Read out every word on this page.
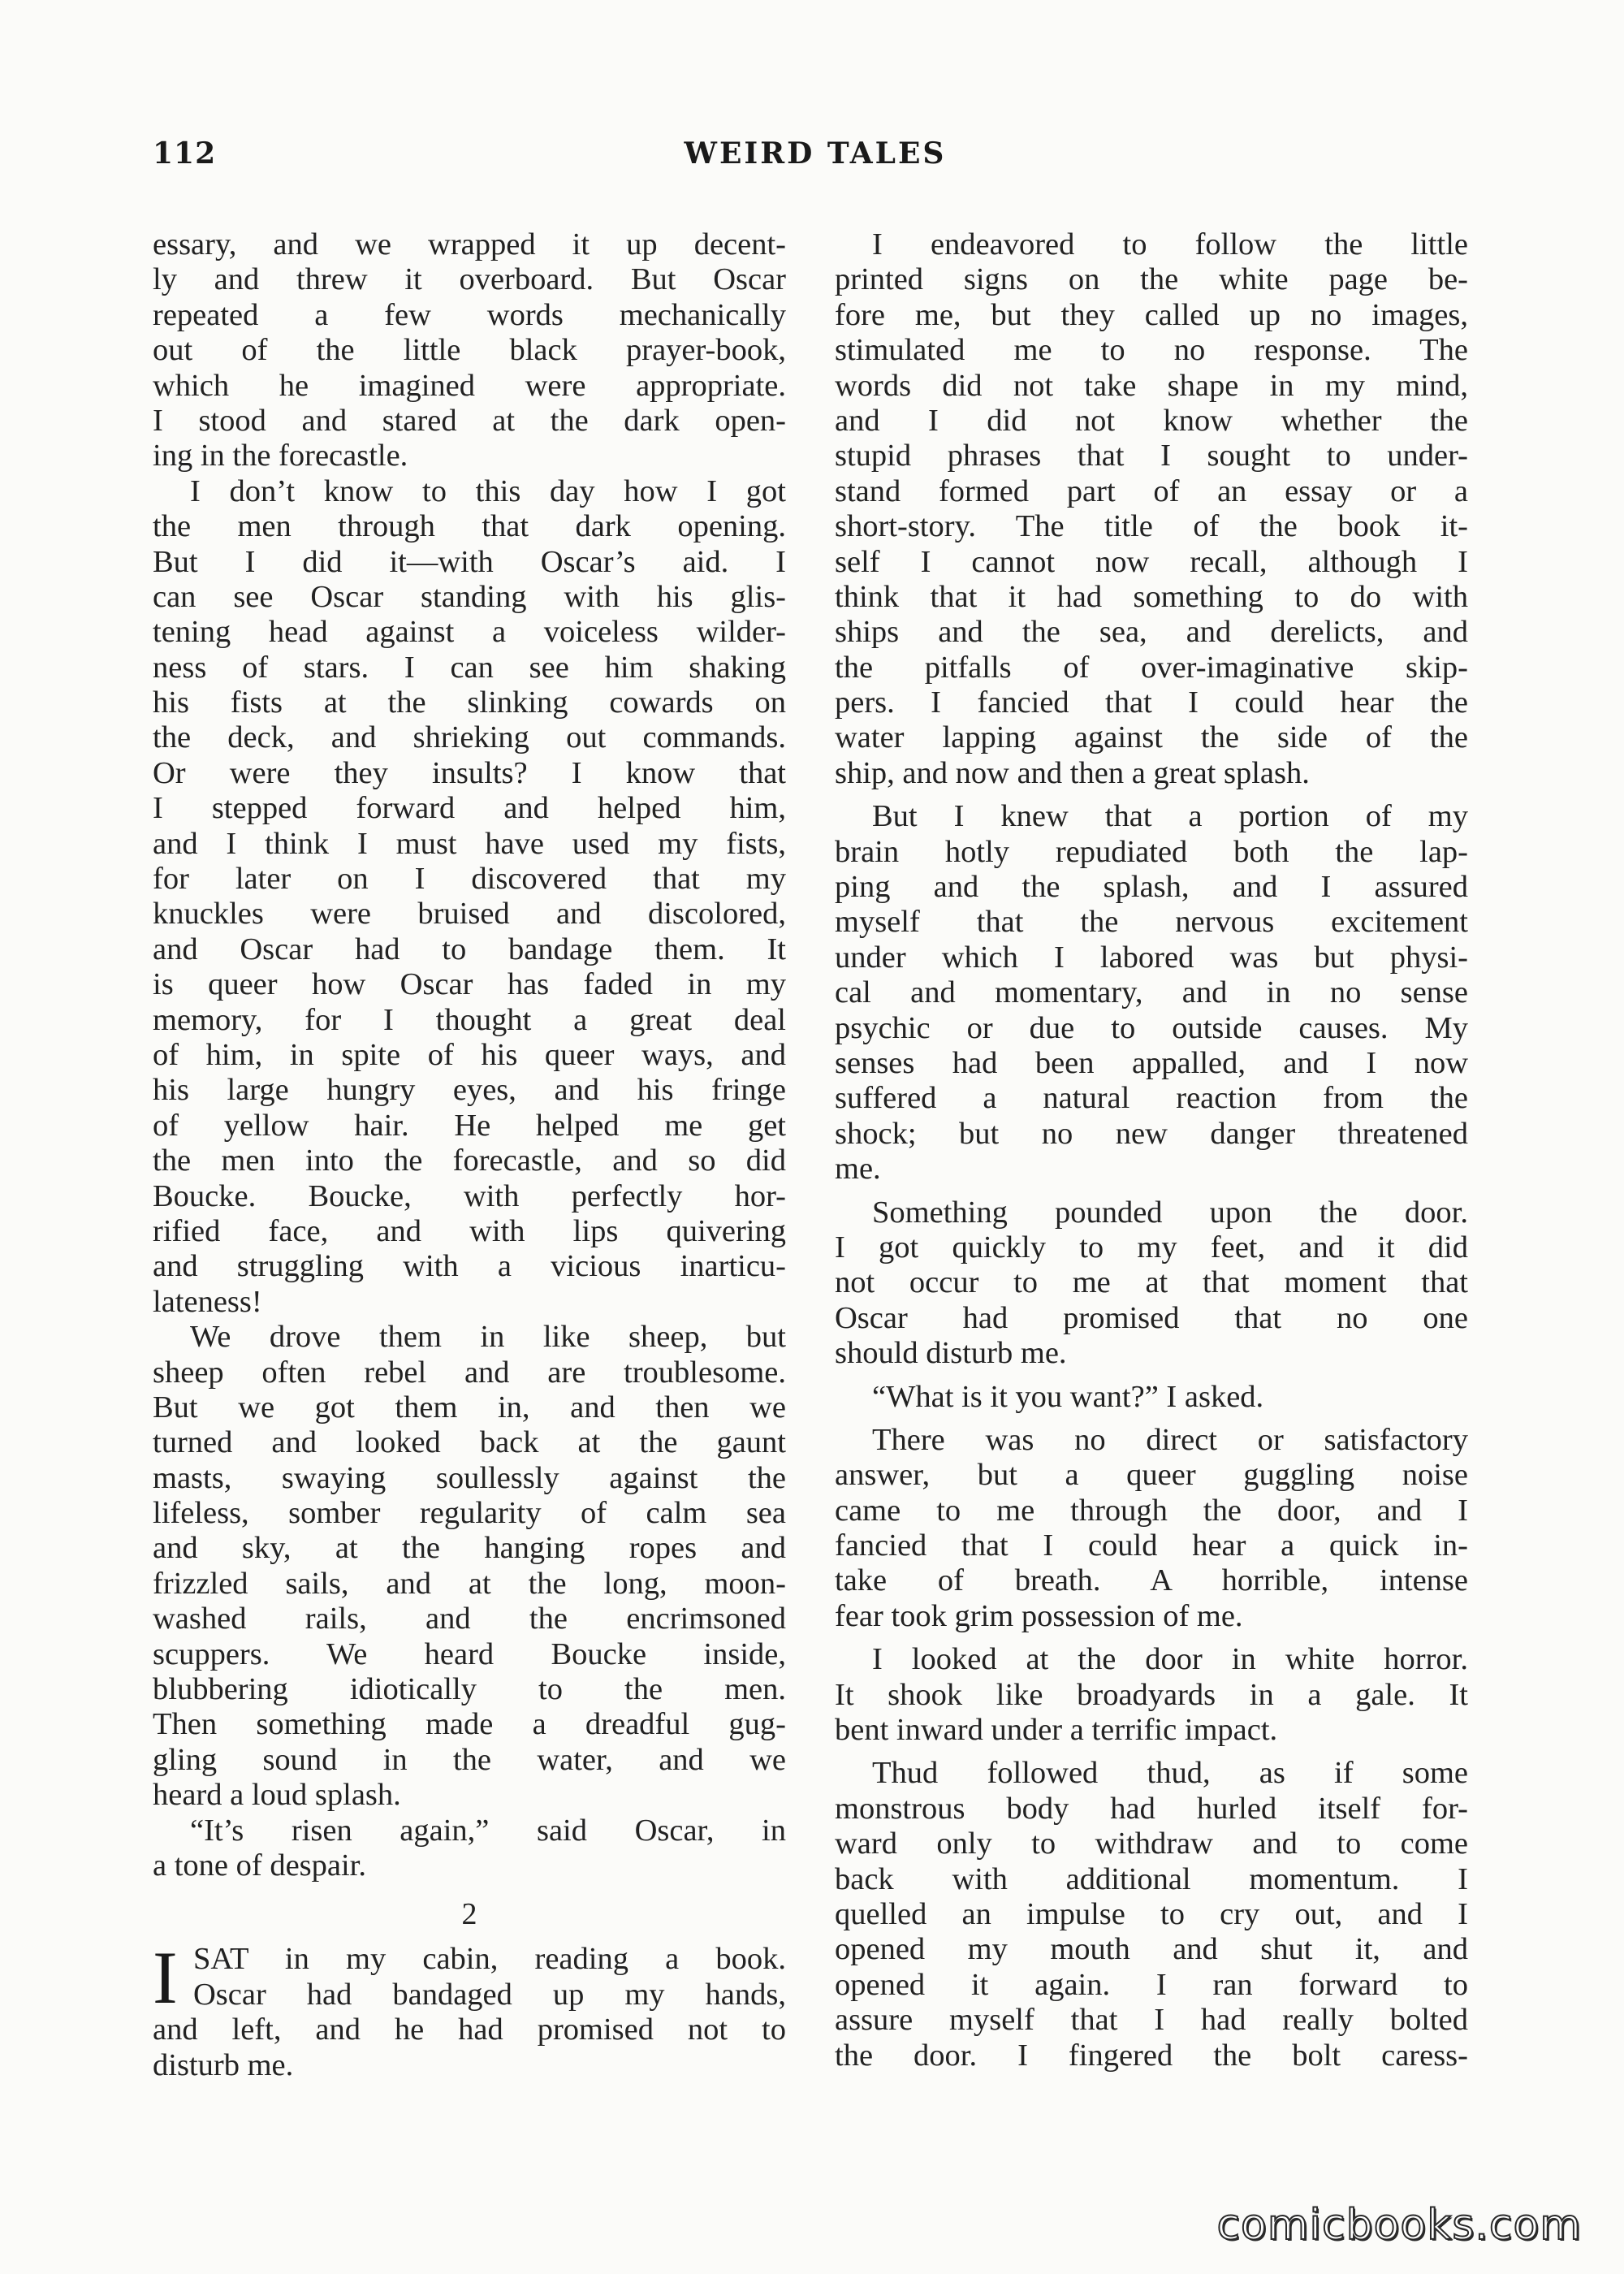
112	WEIRD TALES
essary, and we wrapped it up decent-
ly and threw it overboard. But Oscar
repeated a few words mechanically
out of the little black prayer-book,
which he imagined were appropriate.
I stood and stared at the dark open-
ing in the forecastle.
I don’t know to this day how I got
the men through that dark opening.
But I did it—with Oscar’s aid. I
can see Oscar standing with his glis-
tening head against a voiceless wilder-
ness of stars. I can see him shaking
his fists at the slinking cowards on
the deck, and shrieking out commands.
Or were they insults? I know that
I stepped forward and helped him,
and I think I must have used my fists,
for later on I discovered that my
knuckles were bruised and discolored,
and Oscar had to bandage them. It
is queer how Oscar has faded in my
memory, for I thought a great deal
of him, in spite of his queer ways, and
his large hungry eyes, and his fringe
of yellow hair. He helped me get
the men into the forecastle, and so did
Boucke. Boucke, with perfectly hor-
rified face, and with lips quivering
and struggling with a vicious inarticu-
lateness!
We drove them in like sheep, but
sheep often rebel and are troublesome.
But we got them in, and then we
turned and looked back at the gaunt
masts, swaying soullessly against the
lifeless, somber regularity of calm sea
and sky, at the hanging ropes and
frizzled sails, and at the long, moon-
washed rails, and the encrimsoned
scuppers. We heard Boucke inside,
blubbering idiotically to the men.
Then something made a dreadful gug-
gling sound in the water, and we
heard a loud splash.
“It’s risen again,” said Oscar, in
a tone of despair.
2
I SAT in my cabin, reading a book.
Oscar had bandaged up my hands,
and left, and he had promised not to
disturb me.
I endeavored to follow the little
printed signs on the white page be-
fore me, but they called up no images,
stimulated me to no response. The
words did not take shape in my mind,
and I did not know whether the
stupid phrases that I sought to under-
stand formed part of an essay or a
short-story. The title of the book it-
self I cannot now recall, although I
think that it had something to do with
ships and the sea, and derelicts, and
the pitfalls of over-imaginative skip-
pers. I fancied that I could hear the
water lapping against the side of the
ship, and now and then a great splash.
But I knew that a portion of my
brain hotly repudiated both the lap-
ping and the splash, and I assured
myself that the nervous excitement
under which I labored was but physi-
cal and momentary, and in no sense
psychic or due to outside causes. My
senses had been appalled, and I now
suffered a natural reaction from the
shock; but no new danger threatened
me.
Something pounded upon the door.
I got quickly to my feet, and it did
not occur to me at that moment that
Oscar had promised that no one
should disturb me.
“What is it you want?” I asked.
There was no direct or satisfactory
answer, but a queer guggling noise
came to me through the door, and I
fancied that I could hear a quick in-
take of breath. A horrible, intense
fear took grim possession of me.
I looked at the door in white horror.
It shook like broadyards in a gale. It
bent inward under a terrific impact.
Thud followed thud, as if some
monstrous body had hurled itself for-
ward only to withdraw and to come
back with additional momentum. I
quelled an impulse to cry out, and I
opened my mouth and shut it, and
opened it again. I ran forward to
assure myself that I had really bolted
the door. I fingered the bolt caress-
comicbooks.com
